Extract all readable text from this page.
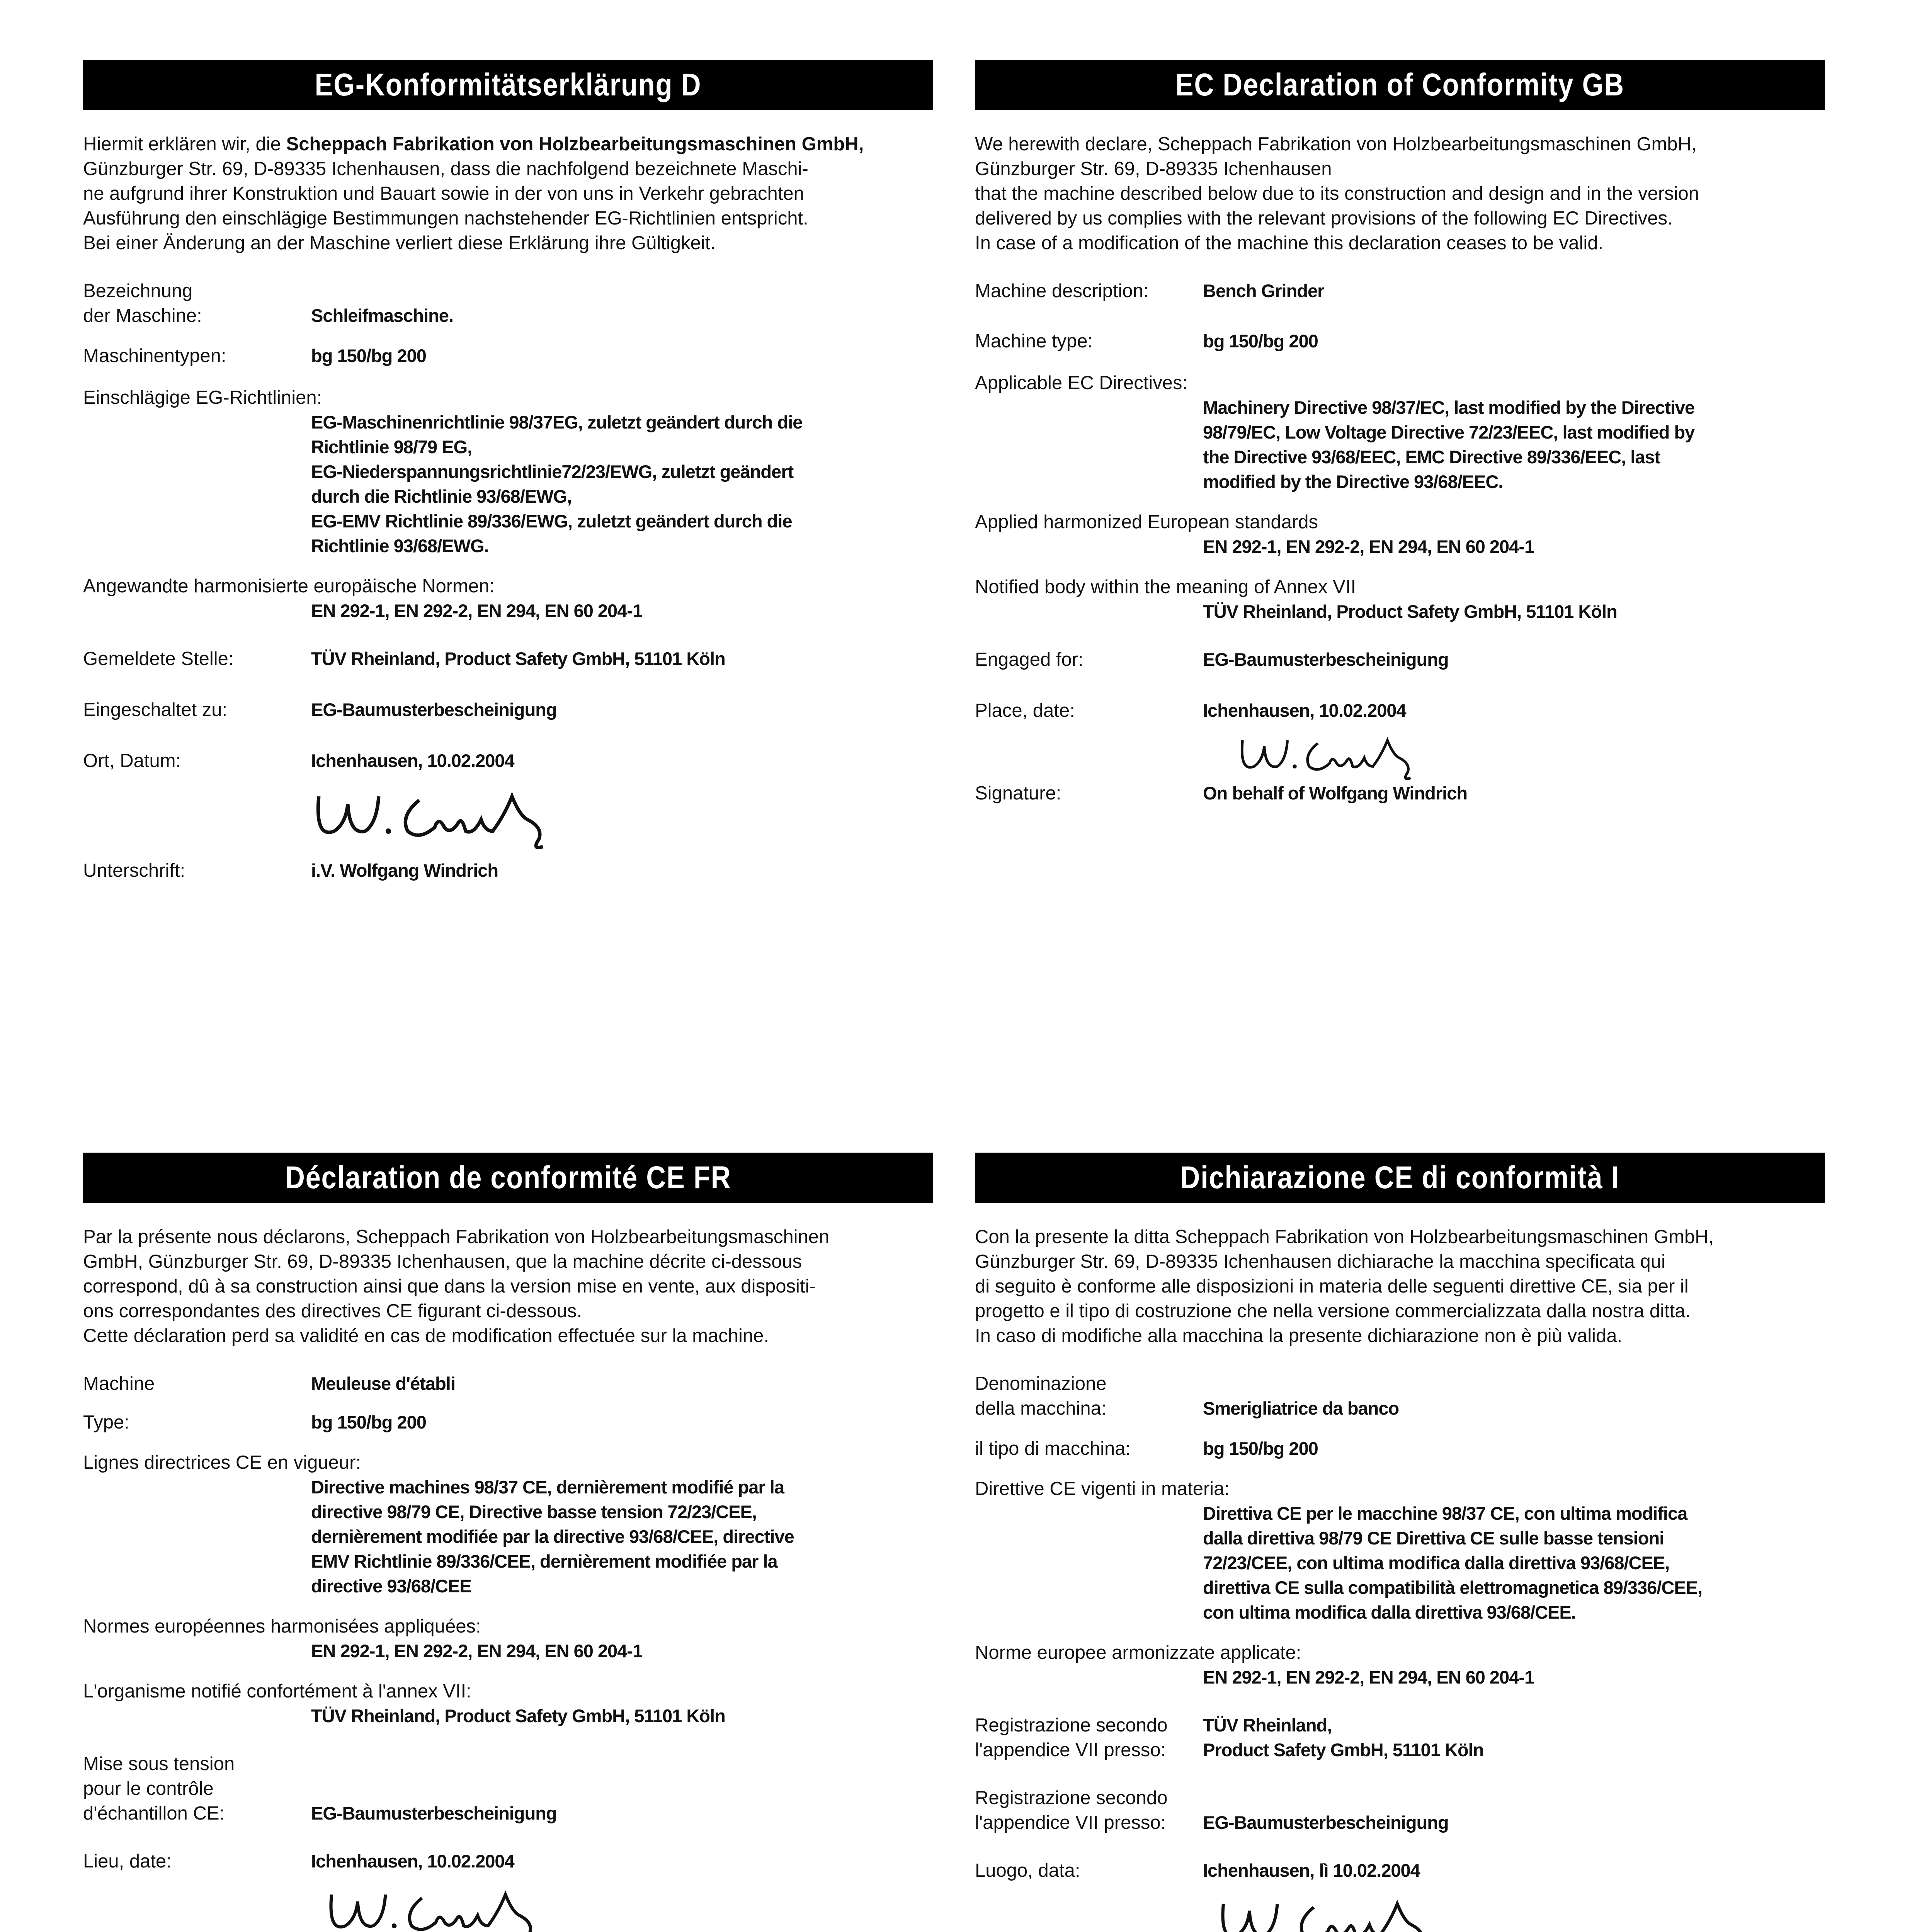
EG-Konformitätserklärung D
Hiermit erklären wir, die Scheppach Fabrikation von Holzbearbeitungsmaschinen GmbH,
Günzburger Str. 69, D-89335 Ichenhausen, dass die nachfolgend bezeichnete Maschi-
ne aufgrund ihrer Konstruktion und Bauart sowie in der von uns in Verkehr gebrachten
Ausführung den einschlägige Bestimmungen nachstehender EG-Richtlinien entspricht.
Bei einer Änderung an der Maschine verliert diese Erklärung ihre Gültigkeit.
Bezeichnung
der Maschine:	
Schleifmaschine.
Maschinentypen:	bg 150/bg 200
Einschlägige EG-Richtlinien:
EG-Maschinenrichtlinie 98/37EG, zuletzt geändert durch die
Richtlinie 98/79 EG,
EG-Niederspannungsrichtlinie72/23/EWG, zuletzt geändert
durch die Richtlinie 93/68/EWG,
EG-EMV Richtlinie 89/336/EWG, zuletzt geändert durch die
Richtlinie 93/68/EWG.
Angewandte harmonisierte europäische Normen:
EN 292-1, EN 292-2, EN 294, EN 60 204-1
Gemeldete Stelle:	TÜV Rheinland, Product Safety GmbH, 51101 Köln
Eingeschaltet zu:	EG-Baumusterbescheinigung
Ort, Datum:	Ichenhausen, 10.02.2004
Unterschrift:	i.V. Wolfgang Windrich
EC Declaration of Conformity GB
We herewith declare, Scheppach Fabrikation von Holzbearbeitungsmaschinen GmbH,
Günzburger Str. 69, D-89335 Ichenhausen
that the machine described below due to its construction and design and in the version
delivered by us complies with the relevant provisions of the following EC Directives.
In case of a modification of the machine this declaration ceases to be valid.
Machine description:	Bench Grinder
Machine type:	bg 150/bg 200
Applicable EC Directives:
Machinery Directive 98/37/EC, last modified by the Directive
98/79/EC, Low Voltage Directive 72/23/EEC, last modified by
the Directive 93/68/EEC, EMC Directive 89/336/EEC, last
modified by the Directive 93/68/EEC.
Applied harmonized European standards
EN 292-1, EN 292-2, EN 294, EN 60 204-1
Notified body within the meaning of Annex VII
TÜV Rheinland, Product Safety GmbH, 51101 Köln
Engaged for:	EG-Baumusterbescheinigung
Place, date:	Ichenhausen, 10.02.2004
Signature:	On behalf of Wolfgang Windrich
Déclaration de conformité CE FR
Par la présente nous déclarons, Scheppach Fabrikation von Holzbearbeitungsmaschinen
GmbH, Günzburger Str. 69, D-89335 Ichenhausen, que la machine décrite ci-dessous
correspond, dû à sa construction ainsi que dans la version mise en vente, aux dispositi-
ons correspondantes des directives CE figurant ci-dessous.
Cette déclaration perd sa validité en cas de modification effectuée sur la machine.
Machine	Meuleuse d'établi
Type:	bg 150/bg 200
Lignes directrices CE en vigueur:
Directive machines 98/37 CE, dernièrement modifié par la
directive 98/79 CE, Directive basse tension 72/23/CEE,
dernièrement modifiée par la directive 93/68/CEE, directive
EMV Richtlinie 89/336/CEE, dernièrement modifiée par la
directive 93/68/CEE
Normes européennes harmonisées appliquées:
EN 292-1, EN 292-2, EN 294, EN 60 204-1
L'organisme notifié confortément à l'annex VII:
TÜV Rheinland, Product Safety GmbH, 51101 Köln
Mise sous tension
pour le contrôle
d'échantillon CE:	

EG-Baumusterbescheinigung
Lieu, date:	Ichenhausen, 10.02.2004
Dichiarazione CE di conformità I
Con la presente la ditta Scheppach Fabrikation von Holzbearbeitungsmaschinen GmbH,
Günzburger Str. 69, D-89335 Ichenhausen dichiarache la macchina specificata qui
di seguito è conforme alle disposizioni in materia delle seguenti direttive CE, sia per il
progetto e il tipo di costruzione che nella versione commercializzata dalla nostra ditta.
In caso di modifiche alla macchina la presente dichiarazione non è più valida.
Denominazione
della macchina:	
Smerigliatrice da banco
il tipo di macchina:	bg 150/bg 200
Direttive CE vigenti in materia:
Direttiva CE per le macchine 98/37 CE, con ultima modifica
dalla direttiva 98/79 CE Direttiva CE sulle basse tensioni
72/23/CEE, con ultima modifica dalla direttiva 93/68/CEE,
direttiva CE sulla compatibilità elettromagnetica 89/336/CEE,
con ultima modifica dalla direttiva 93/68/CEE.
Norme europee armonizzate applicate:
EN 292-1, EN 292-2, EN 294, EN 60 204-1
Registrazione secondo
l'appendice VII presso:
TÜV Rheinland,
Product Safety GmbH, 51101 Köln
Registrazione secondo
l'appendice VII presso:
EG-Baumusterbescheinigung
Luogo, data:	Ichenhausen, lì 10.02.2004
